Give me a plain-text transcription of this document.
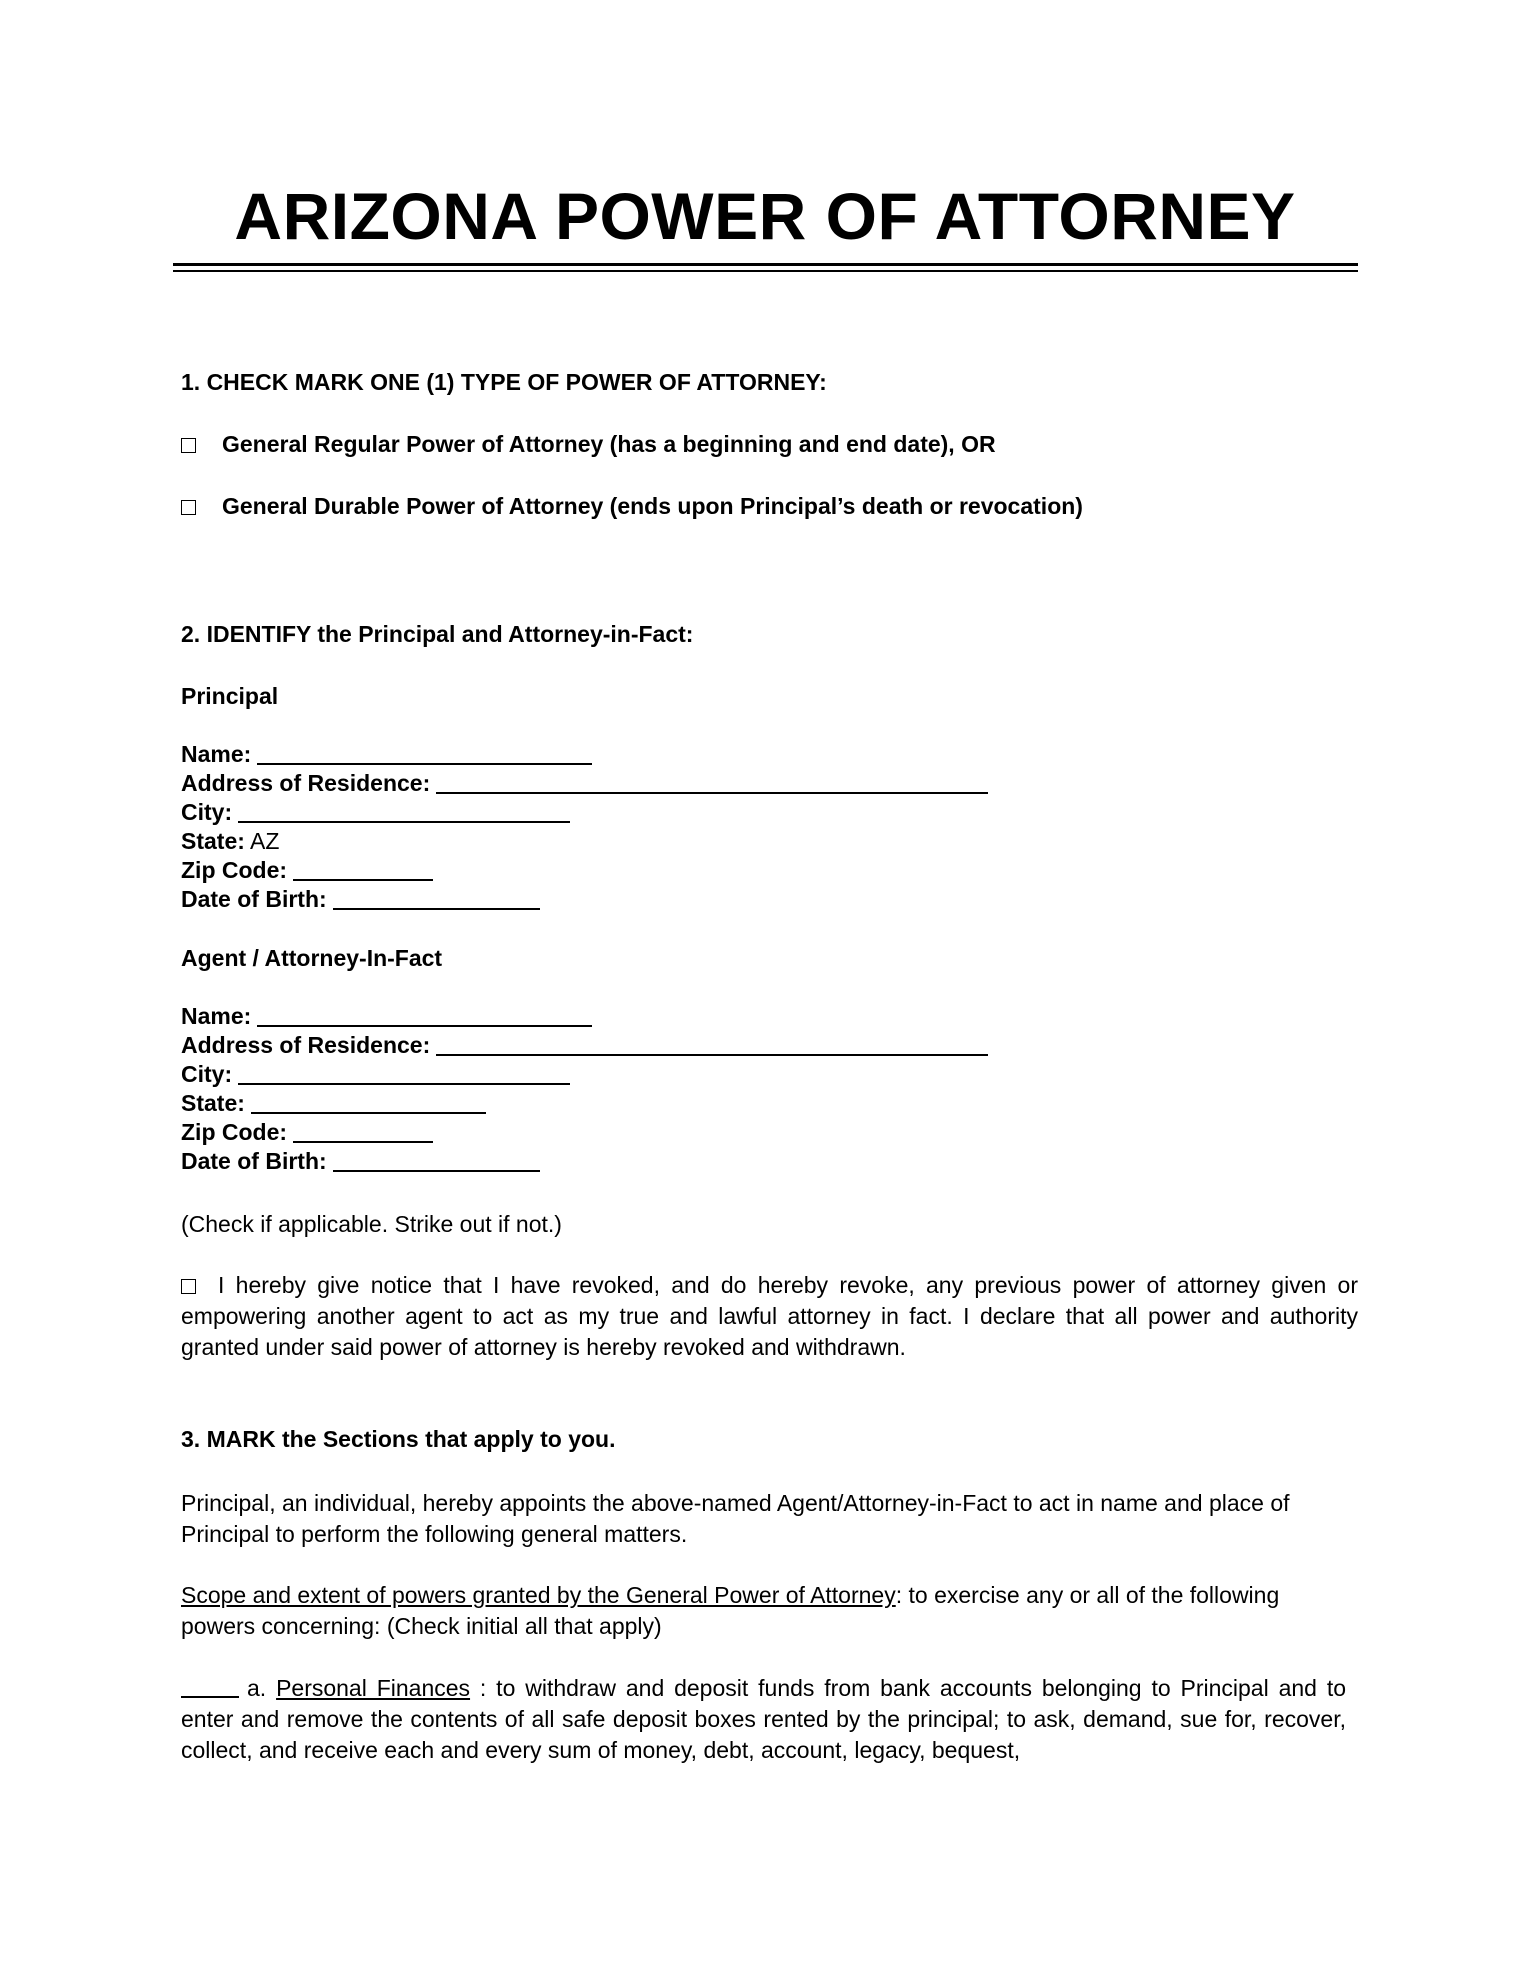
ARIZONA POWER OF ATTORNEY
1. CHECK MARK ONE (1) TYPE OF POWER OF ATTORNEY:
General Regular Power of Attorney (has a beginning and end date), OR
General Durable Power of Attorney (ends upon Principal’s death or revocation)
2. IDENTIFY the Principal and Attorney-in-Fact:
Principal
Name:
Address of Residence:
City:
State: AZ
Zip Code:
Date of Birth:
Agent / Attorney-In-Fact
Name:
Address of Residence:
City:
State:
Zip Code:
Date of Birth:
(Check if applicable. Strike out if not.)
I hereby give notice that I have revoked, and do hereby revoke, any previous power of attorney given or empowering another agent to act as my true and lawful attorney in fact. I declare that all power and authority granted under said power of attorney is hereby revoked and withdrawn.
3. MARK the Sections that apply to you.
Principal, an individual, hereby appoints the above-named Agent/Attorney-in-Fact to act in name and place of Principal to perform the following general matters.
Scope and extent of powers granted by the General Power of Attorney: to exercise any or all of the following powers concerning: (Check initial all that apply)
a. Personal Finances : to withdraw and deposit funds from bank accounts belonging to Principal and to enter and remove the contents of all safe deposit boxes rented by the principal; to ask, demand, sue for, recover, collect, and receive each and every sum of money, debt, account, legacy, bequest,
